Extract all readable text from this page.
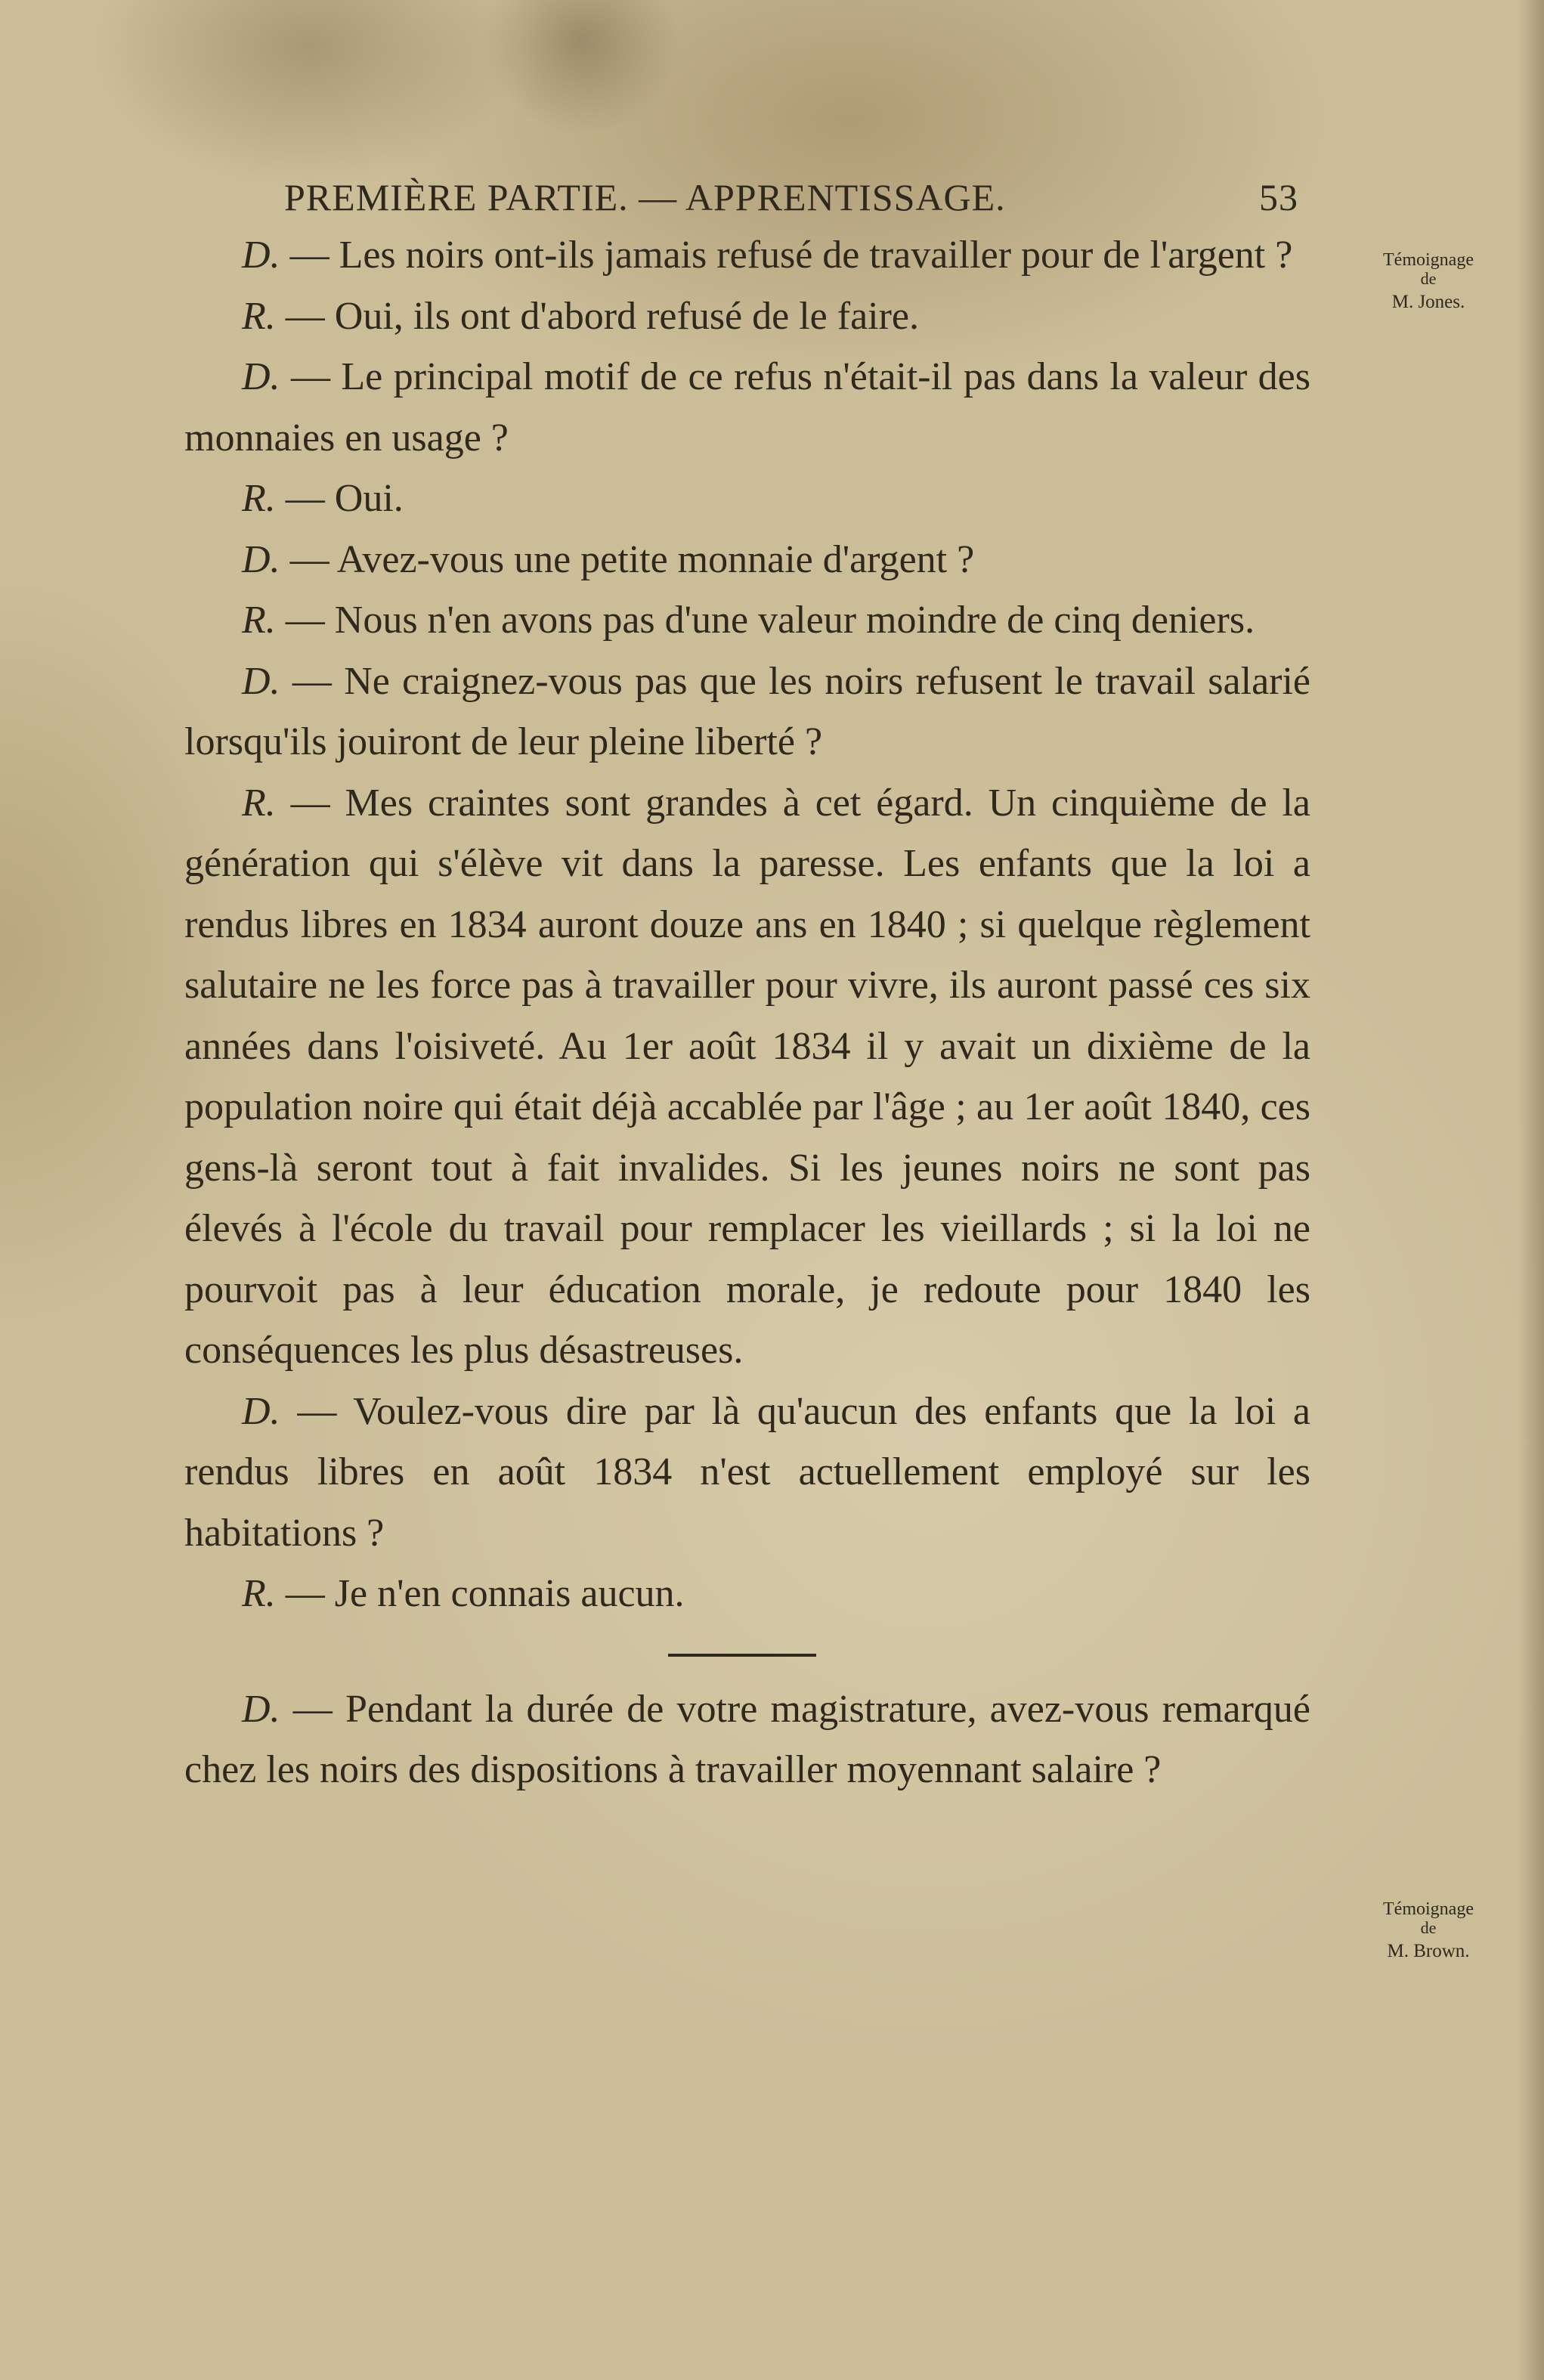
PREMIÈRE PARTIE. — APPRENTISSAGE.	53

D. — Les noirs ont-ils jamais refusé de travailler pour de l'argent ?

R. — Oui, ils ont d'abord refusé de le faire.

D. — Le principal motif de ce refus n'était-il pas dans la valeur des monnaies en usage ?

R. — Oui.

D. — Avez-vous une petite monnaie d'argent ?

R. — Nous n'en avons pas d'une valeur moindre de cinq deniers.

D. — Ne craignez-vous pas que les noirs refusent le travail salarié lorsqu'ils jouiront de leur pleine liberté ?

R. — Mes craintes sont grandes à cet égard. Un cinquième de la génération qui s'élève vit dans la paresse. Les enfants que la loi a rendus libres en 1834 auront douze ans en 1840 ; si quelque règlement salutaire ne les force pas à travailler pour vivre, ils auront passé ces six années dans l'oisiveté. Au 1er août 1834 il y avait un dixième de la population noire qui était déjà accablée par l'âge ; au 1er août 1840, ces gens-là seront tout à fait invalides. Si les jeunes noirs ne sont pas élevés à l'école du travail pour remplacer les vieillards ; si la loi ne pourvoit pas à leur éducation morale, je redoute pour 1840 les conséquences les plus désastreuses.

D. — Voulez-vous dire par là qu'aucun des enfants que la loi a rendus libres en août 1834 n'est actuellement employé sur les habitations ?

R. — Je n'en connais aucun.

D. — Pendant la durée de votre magistrature, avez-vous remarqué chez les noirs des dispositions à travailler moyennant salaire ?

Témoignage
de
M. Jones.
Témoignage
de
M. Brown.
